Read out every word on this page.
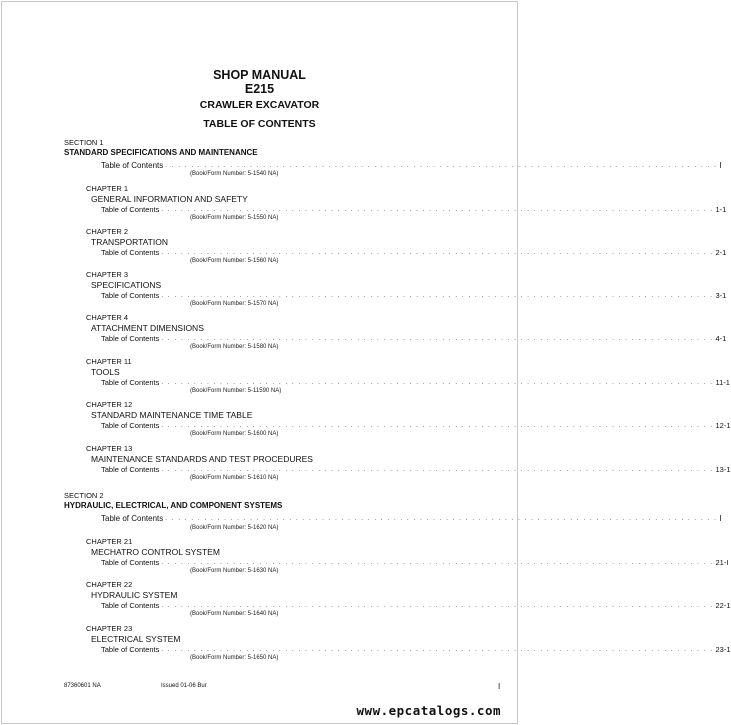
SHOP MANUAL
E215
CRAWLER EXCAVATOR
TABLE OF CONTENTS
SECTION 1
STANDARD SPECIFICATIONS AND MAINTENANCE
Table of Contents . . . . . . . . . . . . . . . . . . . . . . . . . . . . . . . . . . . . . . . . . . . . . . . . . . . . . . . . . . . . . . . . . . . . . . . . . . . . . . . . . . . . . I
(Book/Form Number: 5-1540 NA)
CHAPTER 1
GENERAL INFORMATION AND SAFETY
Table of Contents . . . . . . . . . . . . . . . . . . . . . . . . . . . . . . . . . . . . . . . . . . . . . . . . . . . . . . . . . . . . . . . . . . . . . . . . . . . . . . . . . . . . . 1-1
(Book/Form Number: 5-1550 NA)
CHAPTER 2
TRANSPORTATION
Table of Contents . . . . . . . . . . . . . . . . . . . . . . . . . . . . . . . . . . . . . . . . . . . . . . . . . . . . . . . . . . . . . . . . . . . . . . . . . . . . . . . . . . . . . 2-1
(Book/Form Number: 5-1560 NA)
CHAPTER 3
SPECIFICATIONS
Table of Contents . . . . . . . . . . . . . . . . . . . . . . . . . . . . . . . . . . . . . . . . . . . . . . . . . . . . . . . . . . . . . . . . . . . . . . . . . . . . . . . . . . . . . 3-1
(Book/Form Number: 5-1570 NA)
CHAPTER 4
ATTACHMENT DIMENSIONS
Table of Contents . . . . . . . . . . . . . . . . . . . . . . . . . . . . . . . . . . . . . . . . . . . . . . . . . . . . . . . . . . . . . . . . . . . . . . . . . . . . . . . . . . . . . 4-1
(Book/Form Number: 5-1580 NA)
CHAPTER 11
TOOLS
Table of Contents . . . . . . . . . . . . . . . . . . . . . . . . . . . . . . . . . . . . . . . . . . . . . . . . . . . . . . . . . . . . . . . . . . . . . . . . . . . . . . . . . . . . . 11-1
(Book/Form Number: 5-11590 NA)
CHAPTER 12
STANDARD MAINTENANCE TIME TABLE
Table of Contents . . . . . . . . . . . . . . . . . . . . . . . . . . . . . . . . . . . . . . . . . . . . . . . . . . . . . . . . . . . . . . . . . . . . . . . . . . . . . . . . . . . . . 12-1
(Book/Form Number: 5-1600 NA)
CHAPTER 13
MAINTENANCE STANDARDS AND TEST PROCEDURES
Table of Contents . . . . . . . . . . . . . . . . . . . . . . . . . . . . . . . . . . . . . . . . . . . . . . . . . . . . . . . . . . . . . . . . . . . . . . . . . . . . . . . . . . . . . 13-1
(Book/Form Number: 5-1610 NA)
SECTION 2
HYDRAULIC, ELECTRICAL, AND COMPONENT SYSTEMS
Table of Contents . . . . . . . . . . . . . . . . . . . . . . . . . . . . . . . . . . . . . . . . . . . . . . . . . . . . . . . . . . . . . . . . . . . . . . . . . . . . . . . . . . . . . I
(Book/Form Number: 5-1620 NA)
CHAPTER 21
MECHATRO CONTROL SYSTEM
Table of Contents . . . . . . . . . . . . . . . . . . . . . . . . . . . . . . . . . . . . . . . . . . . . . . . . . . . . . . . . . . . . . . . . . . . . . . . . . . . . . . . . . . . . . 21-I
(Book/Form Number: 5-1630 NA)
CHAPTER 22
HYDRAULIC SYSTEM
Table of Contents . . . . . . . . . . . . . . . . . . . . . . . . . . . . . . . . . . . . . . . . . . . . . . . . . . . . . . . . . . . . . . . . . . . . . . . . . . . . . . . . . . . . . 22-1
(Book/Form Number: 5-1640 NA)
CHAPTER 23
ELECTRICAL SYSTEM
Table of Contents . . . . . . . . . . . . . . . . . . . . . . . . . . . . . . . . . . . . . . . . . . . . . . . . . . . . . . . . . . . . . . . . . . . . . . . . . . . . . . . . . . . . . 23-1
(Book/Form Number: 5-1650 NA)
87360601 NA	Issued 01-06 Bur	I
www.epcatalogs.com
